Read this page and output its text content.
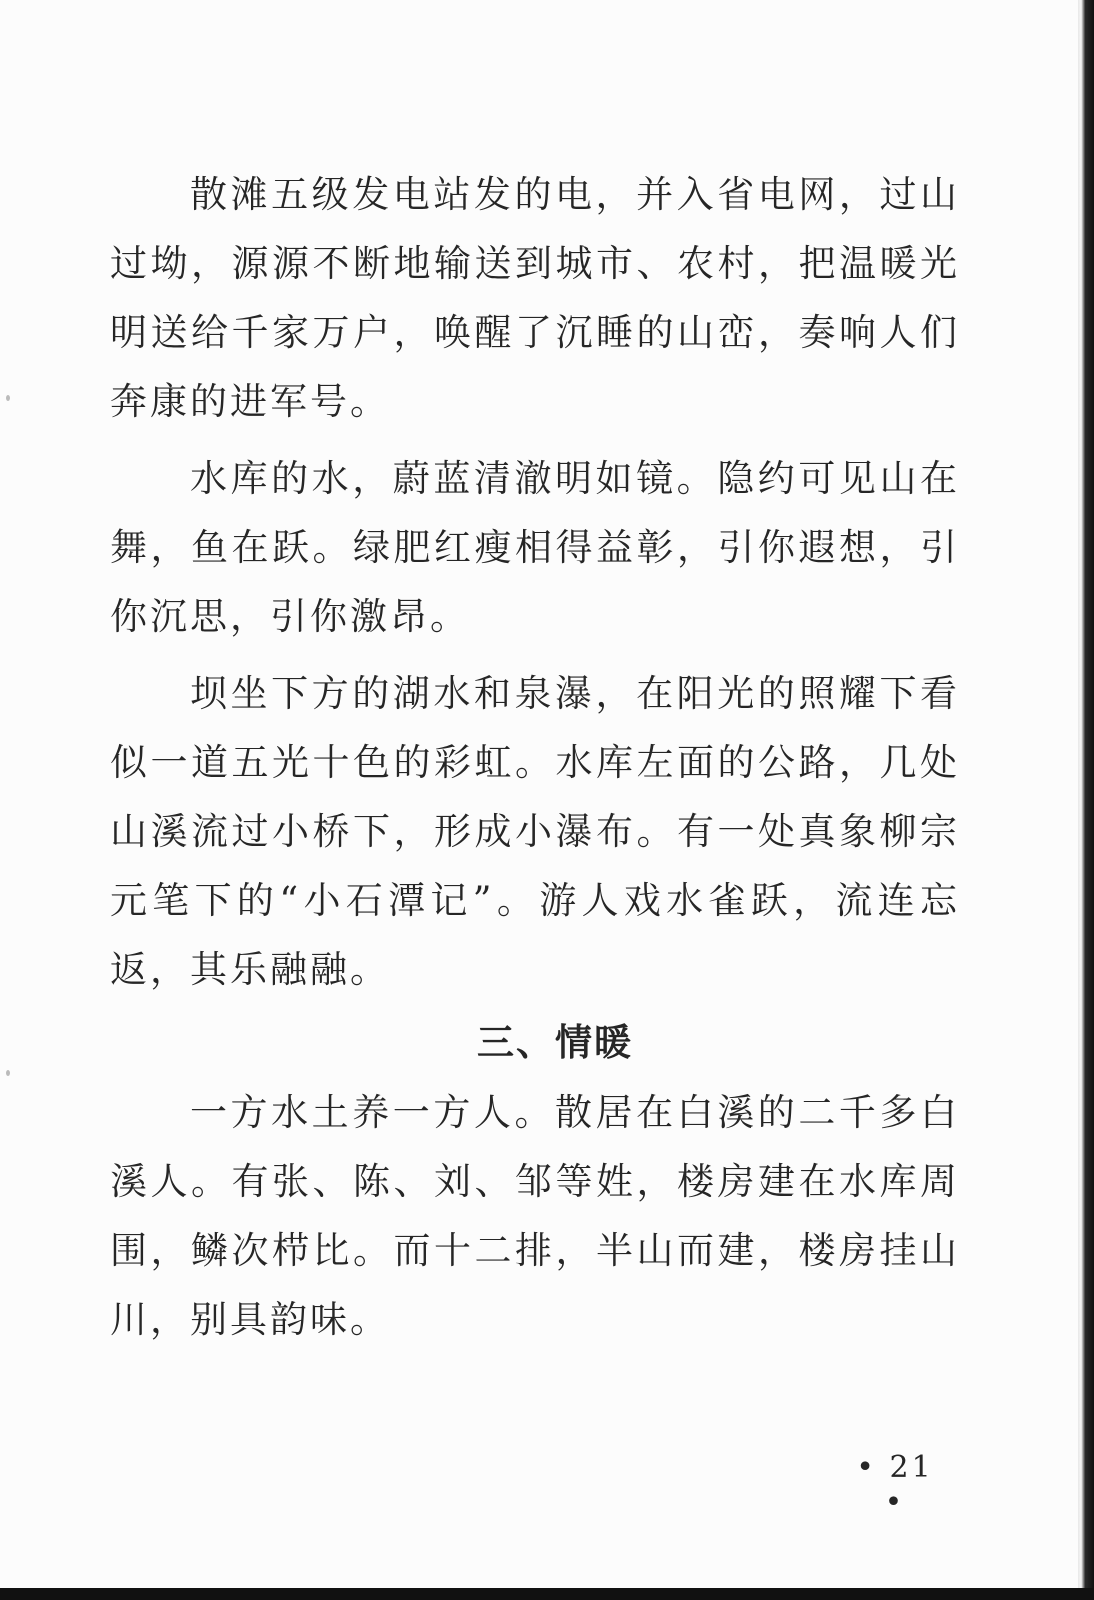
散滩五级发电站发的电，并入省电网，过山过坳，源源不断地输送到城市、农村，把温暖光明送给千家万户，唤醒了沉睡的山峦，奏响人们奔康的进军号。

水库的水，蔚蓝清澈明如镜。隐约可见山在舞，鱼在跃。绿肥红瘦相得益彰，引你遐想，引你沉思，引你激昂。

坝坐下方的湖水和泉瀑，在阳光的照耀下看似一道五光十色的彩虹。水库左面的公路，几处山溪流过小桥下，形成小瀑布。有一处真象柳宗元笔下的“小石潭记”。游人戏水雀跃，流连忘返，其乐融融。

三、情暖

一方水土养一方人。散居在白溪的二千多白溪人。有张、陈、刘、邹等姓，楼房建在水库周围，鳞次栉比。而十二排，半山而建，楼房挂山川，别具韵味。

• 21 •
